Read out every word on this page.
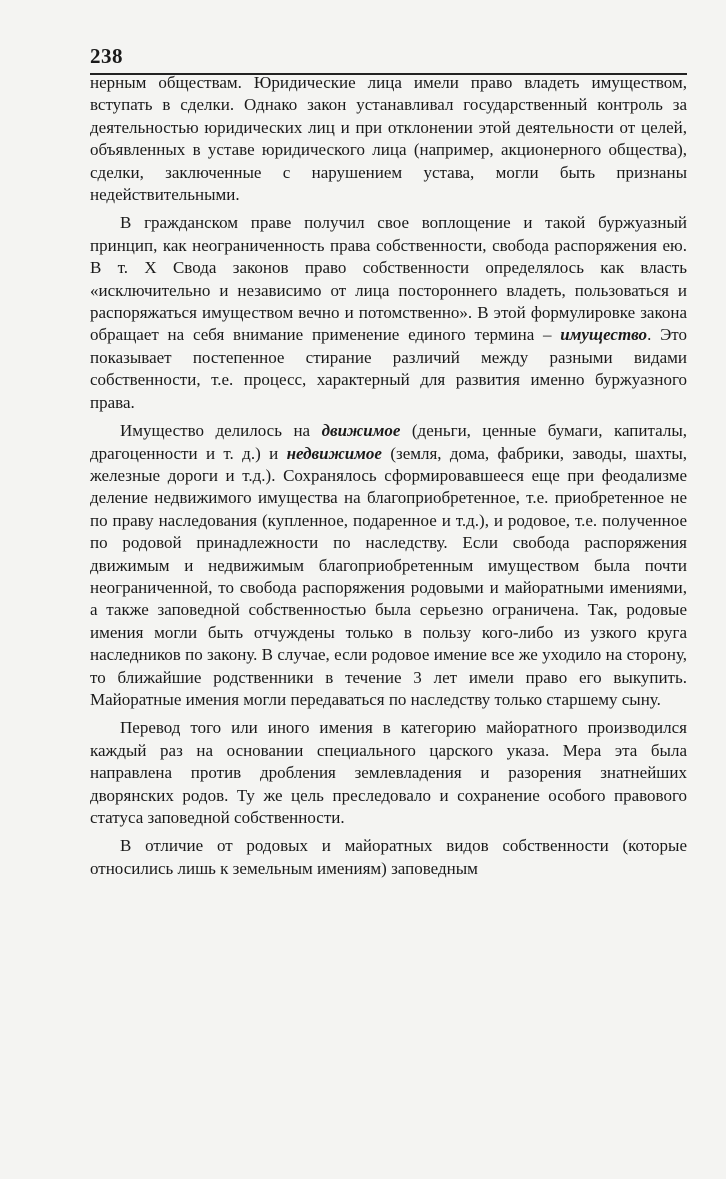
238

нерным обществам. Юридические лица имели право владеть имуществом, вступать в сделки. Однако закон устанавливал государственный контроль за деятельностью юридических лиц и при отклонении этой деятельности от целей, объявленных в уставе юридического лица (например, акционерного общества), сделки, заключенные с нарушением устава, могли быть признаны недействительными.

В гражданском праве получил свое воплощение и такой буржуазный принцип, как неограниченность права собственности, свобода распоряжения ею. В т. Х Свода законов право собственности определялось как власть «исключительно и независимо от лица постороннего владеть, пользоваться и распоряжаться имуществом вечно и потомственно». В этой формулировке закона обращает на себя внимание применение единого термина – имущество. Это показывает постепенное стирание различий между разными видами собственности, т.е. процесс, характерный для развития именно буржуазного права.

Имущество делилось на движимое (деньги, ценные бумаги, капиталы, драгоценности и т. д.) и недвижимое (земля, дома, фабрики, заводы, шахты, железные дороги и т.д.). Сохранялось сформировавшееся еще при феодализме деление недвижимого имущества на благоприобретенное, т.е. приобретенное не по праву наследования (купленное, подаренное и т.д.), и родовое, т.е. полученное по родовой принадлежности по наследству. Если свобода распоряжения движимым и недвижимым благоприобретенным имуществом была почти неограниченной, то свобода распоряжения родовыми и майоратными имениями, а также заповедной собственностью была серьезно ограничена. Так, родовые имения могли быть отчуждены только в пользу кого-либо из узкого круга наследников по закону. В случае, если родовое имение все же уходило на сторону, то ближайшие родственники в течение 3 лет имели право его выкупить. Майоратные имения могли передаваться по наследству только старшему сыну.

Перевод того или иного имения в категорию майоратного производился каждый раз на основании специального царского указа. Мера эта была направлена против дробления землевладения и разорения знатнейших дворянских родов. Ту же цель преследовало и сохранение особого правового статуса заповедной собственности.

В отличие от родовых и майоратных видов собственности (которые относились лишь к земельным имениям) заповедным
